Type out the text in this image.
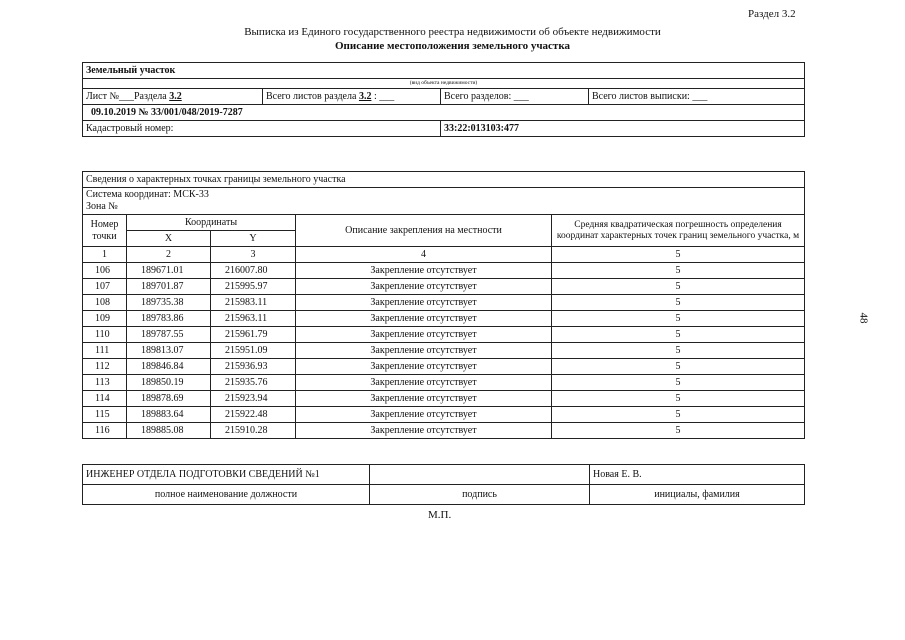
Раздел 3.2
Выписка из Единого государственного реестра недвижимости об объекте недвижимости
Описание местоположения земельного участка
48
Земельный участок			
(вид объекта недвижимости)			
Лист №___Раздела 3.2	Всего листов раздела 3.2 : ___	Всего разделов: ___	Всего листов выписки: ___
09.10.2019 № 33/001/048/2019-7287			
Кадастровый номер:		33:22:013103:477	
Сведения о характерных точках границы земельного участка				

Система координат: МСК-33
Зона №				

Номер точки	Координаты		Описание закрепления на местности	Средняя квадратическая погрешность определения координат характерных точек границ земельного участка, м
	X	Y		
1	2	3	4	5
106	189671.01	216007.80	Закрепление отсутствует	5
107	189701.87	215995.97	Закрепление отсутствует	5
108	189735.38	215983.11	Закрепление отсутствует	5
109	189783.86	215963.11	Закрепление отсутствует	5
110	189787.55	215961.79	Закрепление отсутствует	5
111	189813.07	215951.09	Закрепление отсутствует	5
112	189846.84	215936.93	Закрепление отсутствует	5
113	189850.19	215935.76	Закрепление отсутствует	5
114	189878.69	215923.94	Закрепление отсутствует	5
115	189883.64	215922.48	Закрепление отсутствует	5
116	189885.08	215910.28	Закрепление отсутствует	5
ИНЖЕНЕР ОТДЕЛА ПОДГОТОВКИ СВЕДЕНИЙ №1		Новая Е. В.
полное наименование должности	подпись	инициалы, фамилия
М.П.
